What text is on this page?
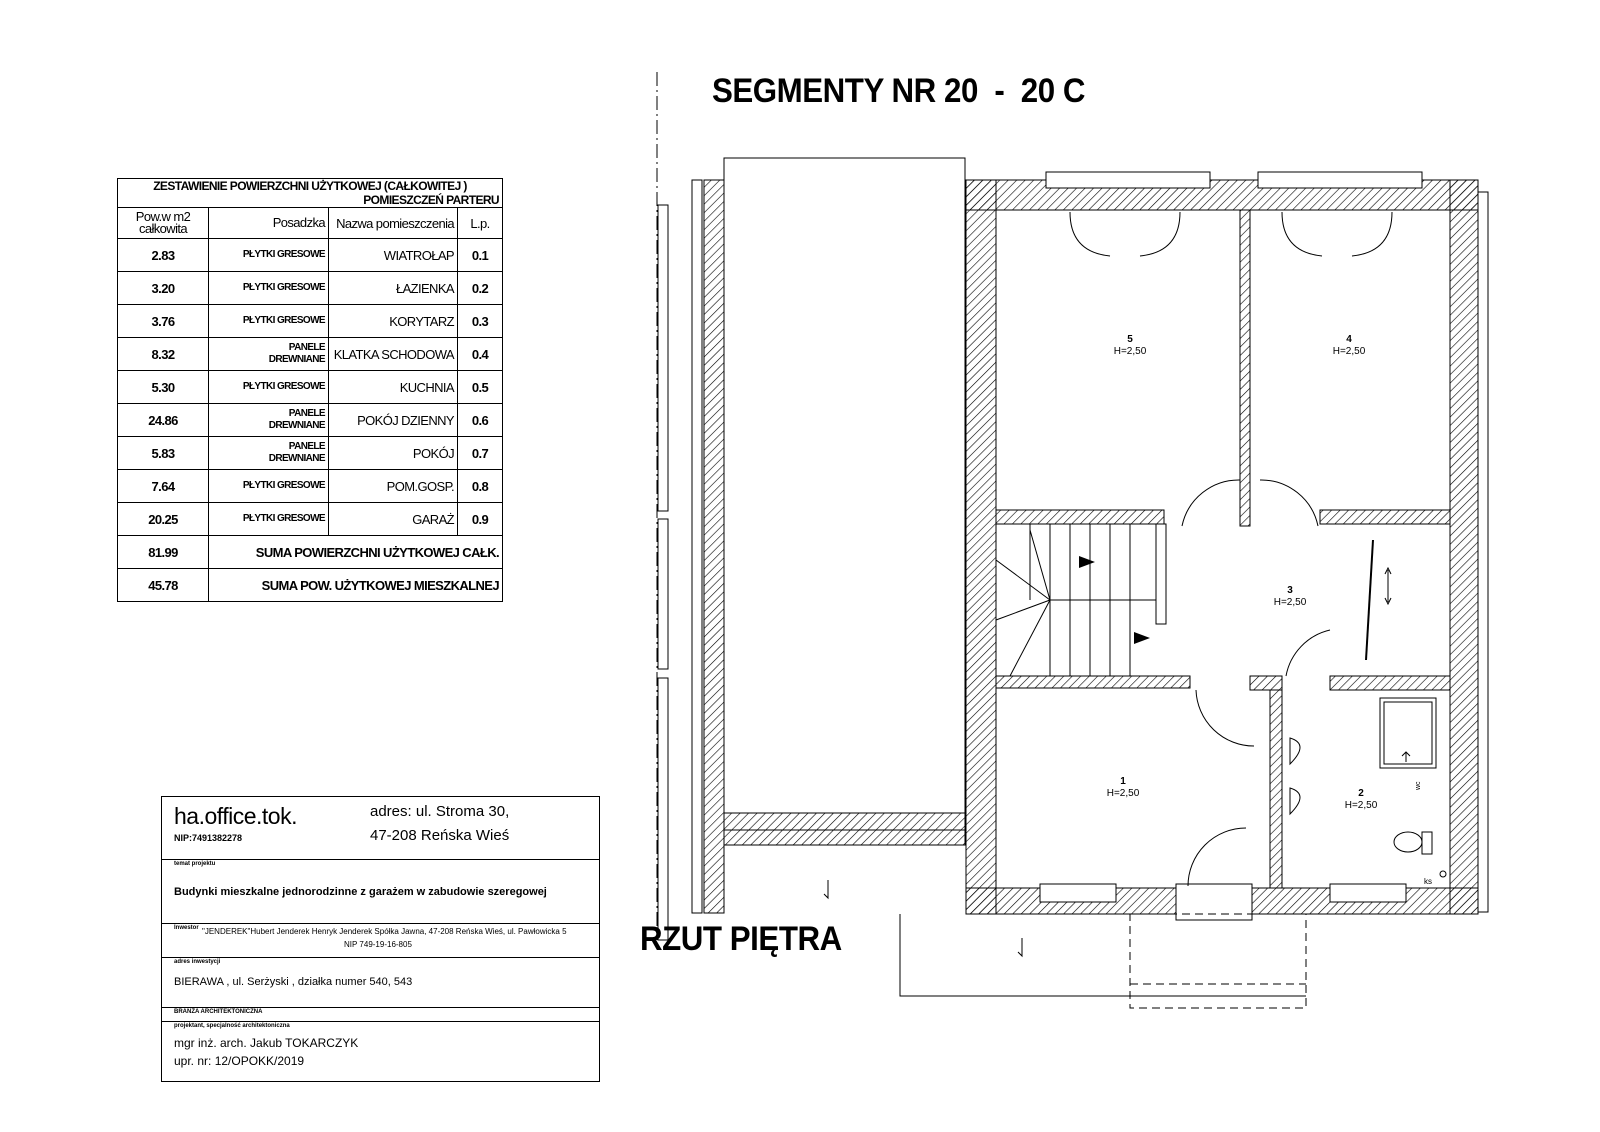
SEGMENTY NR 20  -  20 C
RZUT PIĘTRA
ZESTAWIENIE POWIERZCHNI UŻYTKOWEJ (CAŁKOWITEJ )			
POMIESZCZEŃ PARTERU			
Pow.w m2 całkowita	Posadzka	Nazwa pomieszczenia	L.p.
2.83	PŁYTKI GRESOWE	WIATROŁAP	0.1
3.20	PŁYTKI GRESOWE	ŁAZIENKA	0.2
3.76	PŁYTKI GRESOWE	KORYTARZ	0.3
8.32	PANELE DREWNIANE	KLATKA SCHODOWA	0.4
5.30	PŁYTKI GRESOWE	KUCHNIA	0.5
24.86	PANELE DREWNIANE	POKÓJ DZIENNY	0.6
5.83	PANELE DREWNIANE	POKÓJ	0.7
7.64	PŁYTKI GRESOWE	POM.GOSP.	0.8
20.25	PŁYTKI GRESOWE	GARAŻ	0.9
81.99	SUMA POWIERZCHNI UŻYTKOWEJ CAŁK.		
45.78	SUMA POW. UŻYTKOWEJ MIESZKALNEJ		
ha.office.tok.
NIP:7491382278
adres: ul. Stroma 30,
47-208 Reńska Wieś
temat projektu
Budynki mieszkalne jednorodzinne z garażem w zabudowie szeregowej
Inwestor "JENDEREK"Hubert Jenderek Henryk Jenderek Spółka Jawna, 47-208 Reńska Wieś, ul. Pawłowicka 5
NIP 749-19-16-805
adres inwestycji
BIERAWA , ul. Serżyski , działka numer 540, 543
BRANŻA ARCHITEKTONICZNA
projektant, specjalność architektoniczna
mgr inż. arch. Jakub TOKARCZYK
upr. nr: 12/OPOKK/2019
5
H=2,50
4
H=2,50
3
H=2,50
1
H=2,50	2
H=2,50
ks
wc
